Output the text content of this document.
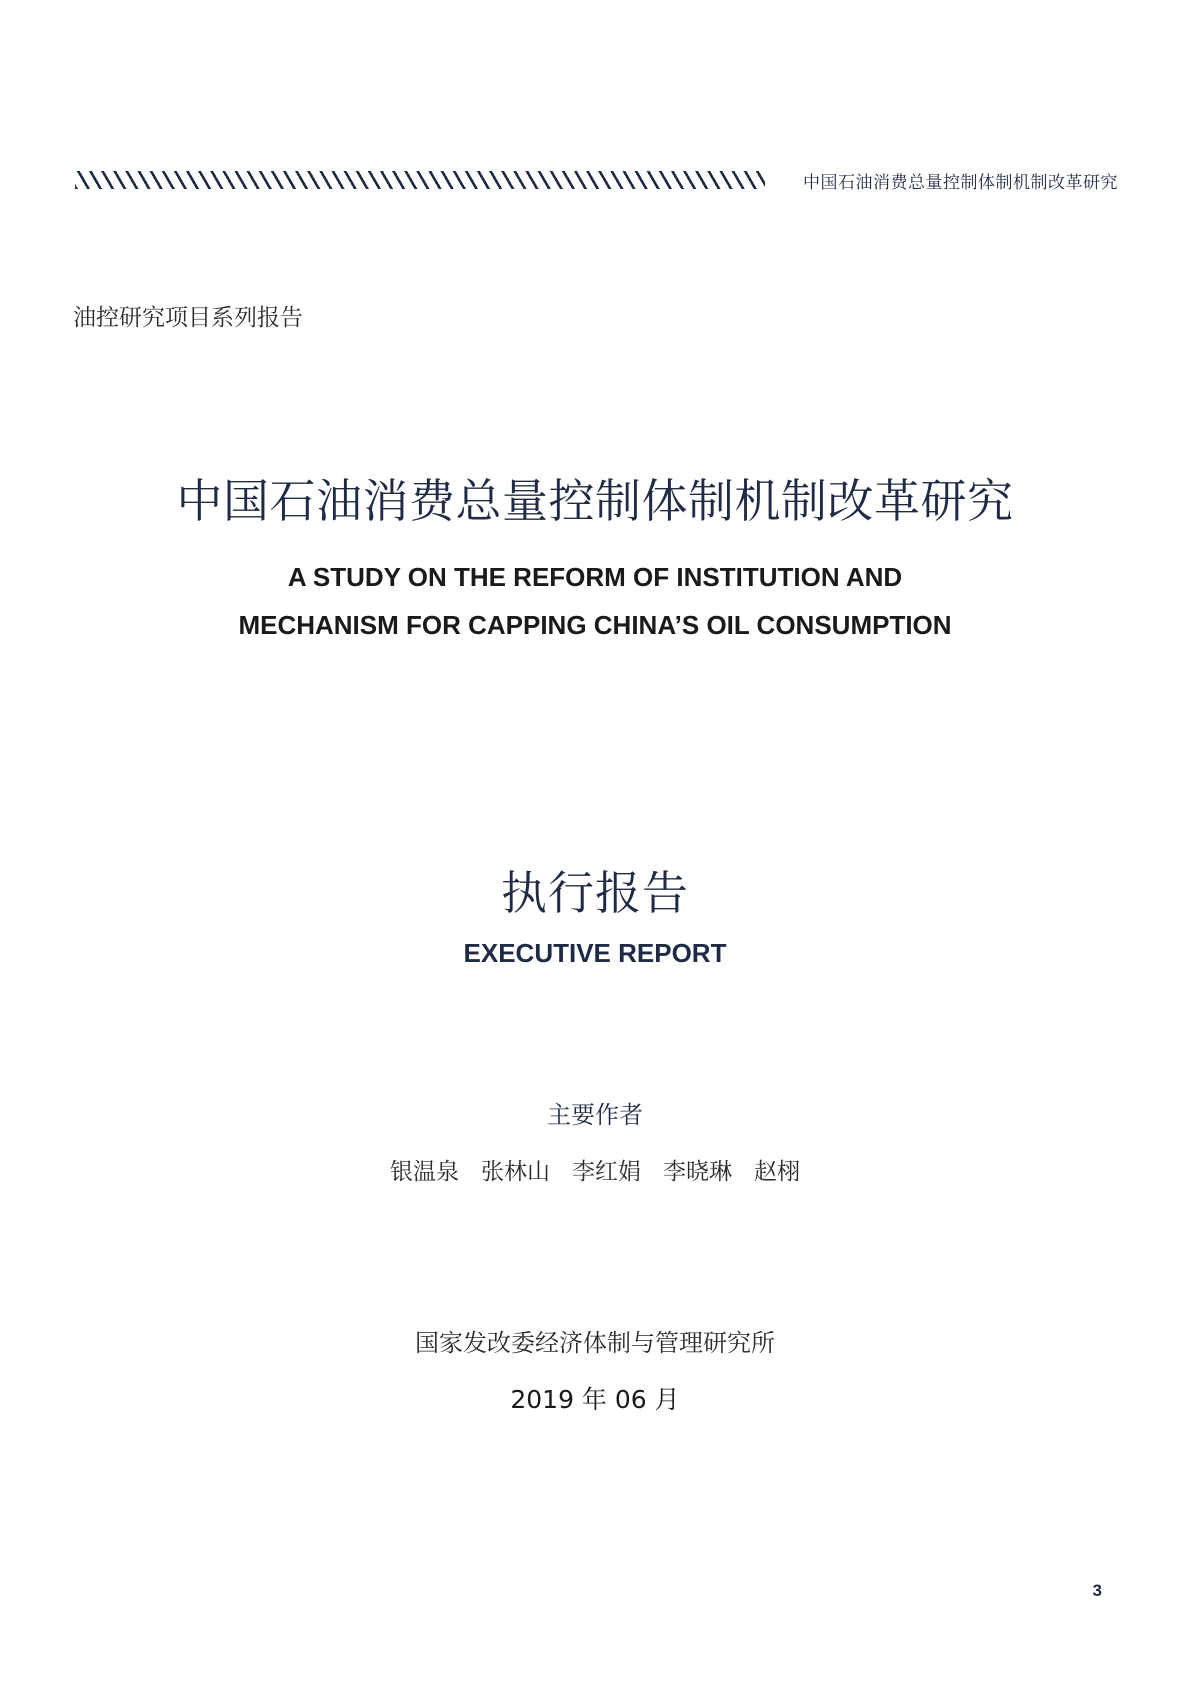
中国石油消费总量控制体制机制改革研究
油控研究项目系列报告
中国石油消费总量控制体制机制改革研究
A STUDY ON THE REFORM OF INSTITUTION AND
MECHANISM FOR CAPPING CHINA’S OIL CONSUMPTION
执行报告
EXECUTIVE REPORT
主要作者
银温泉 张林山 李红娟 李晓琳 赵栩
国家发改委经济体制与管理研究所
2019 年 06 月
3
